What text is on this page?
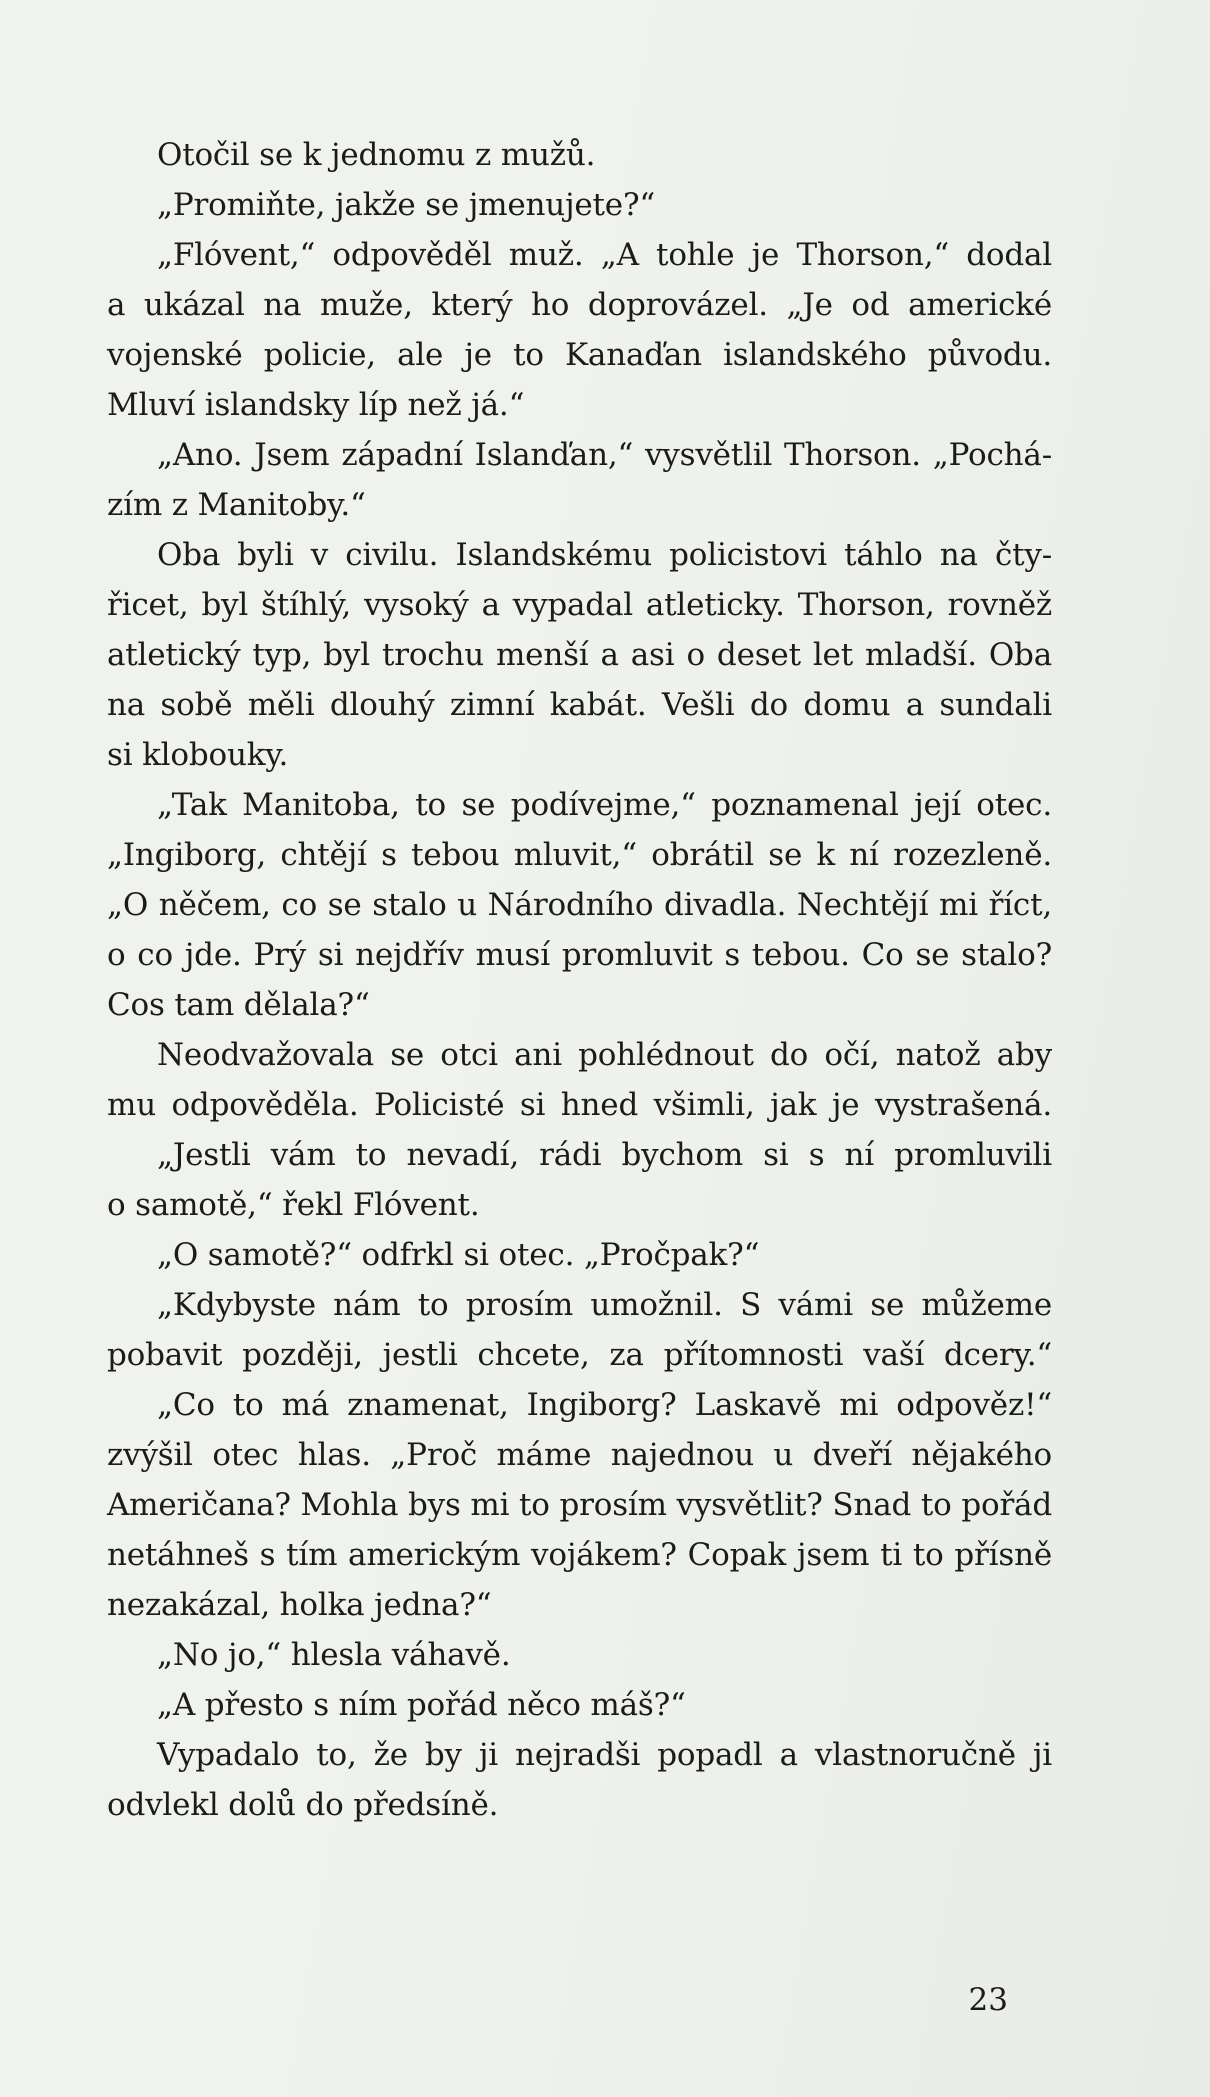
Otočil se k jednomu z mužů.
„Promiňte, jakže se jmenujete?“
„Flóvent,“ odpověděl muž. „A tohle je Thorson,“ dodal
a ukázal na muže, který ho doprovázel. „Je od americké
vojenské policie, ale je to Kanaďan islandského původu.
Mluví islandsky líp než já.“
„Ano. Jsem západní Islanďan,“ vysvětlil Thorson. „Pochá-
zím z Manitoby.“
Oba byli v civilu. Islandskému policistovi táhlo na čty-
řicet, byl štíhlý, vysoký a vypadal atleticky. Thorson, rovněž
atletický typ, byl trochu menší a asi o deset let mladší. Oba
na sobě měli dlouhý zimní kabát. Vešli do domu a sundali
si klobouky.
„Tak Manitoba, to se podívejme,“ poznamenal její otec.
„Ingiborg, chtějí s tebou mluvit,“ obrátil se k ní rozezleně.
„O něčem, co se stalo u Národního divadla. Nechtějí mi říct,
o co jde. Prý si nejdřív musí promluvit s tebou. Co se stalo?
Cos tam dělala?“
Neodvažovala se otci ani pohlédnout do očí, natož aby
mu odpověděla. Policisté si hned všimli, jak je vystrašená.
„Jestli vám to nevadí, rádi bychom si s ní promluvili
o samotě,“ řekl Flóvent.
„O samotě?“ odfrkl si otec. „Pročpak?“
„Kdybyste nám to prosím umožnil. S vámi se můžeme
pobavit později, jestli chcete, za přítomnosti vaší dcery.“
„Co to má znamenat, Ingiborg? Laskavě mi odpověz!“
zvýšil otec hlas. „Proč máme najednou u dveří nějakého
Američana? Mohla bys mi to prosím vysvětlit? Snad to pořád
netáhneš s tím americkým vojákem? Copak jsem ti to přísně
nezakázal, holka jedna?“
„No jo,“ hlesla váhavě.
„A přesto s ním pořád něco máš?“
Vypadalo to, že by ji nejradši popadl a vlastnoručně ji
odvlekl dolů do předsíně.
23
